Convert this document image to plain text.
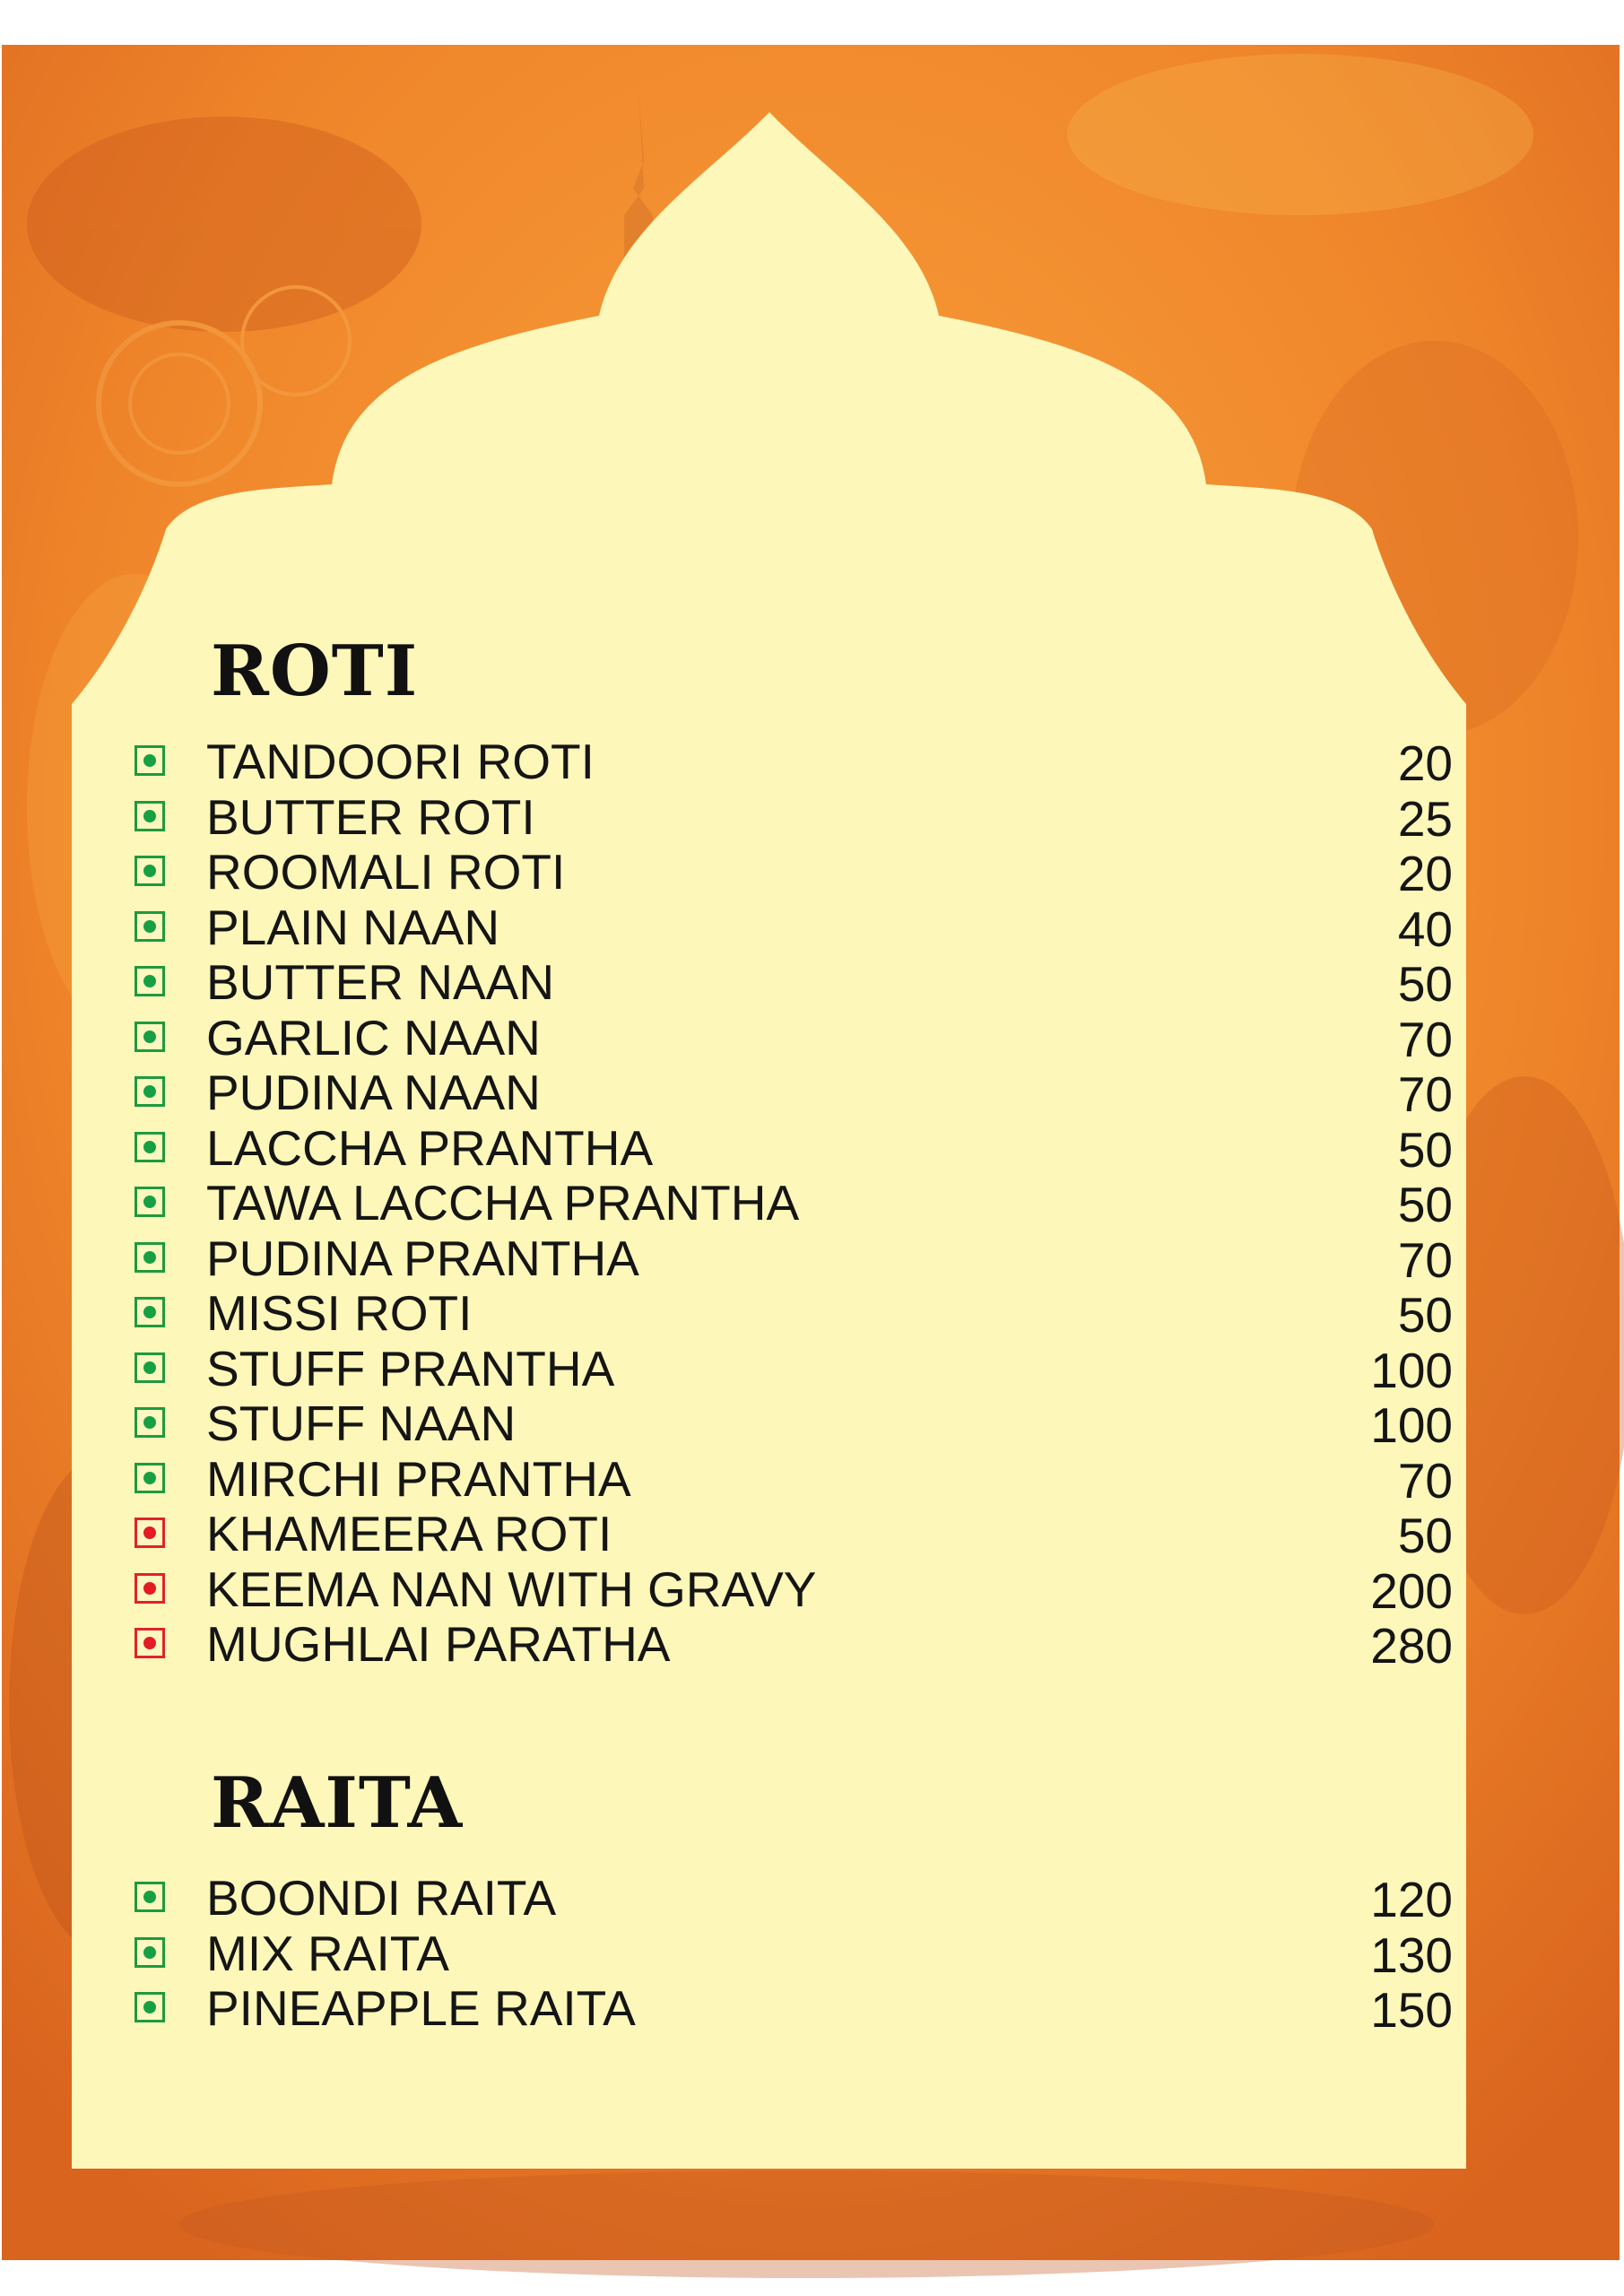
ROTI
TANDOORI ROTI	20
BUTTER ROTI	25
ROOMALI ROTI	20
PLAIN NAAN	40
BUTTER NAAN	50
GARLIC NAAN	70
PUDINA NAAN	70
LACCHA PRANTHA	50
TAWA LACCHA PRANTHA	50
PUDINA PRANTHA	70
MISSI ROTI	50
STUFF PRANTHA	100
STUFF NAAN	100
MIRCHI PRANTHA	70
KHAMEERA ROTI	50
KEEMA NAN WITH GRAVY	200
MUGHLAI PARATHA	280
RAITA
BOONDI RAITA	120
MIX RAITA	130
PINEAPPLE RAITA	150
